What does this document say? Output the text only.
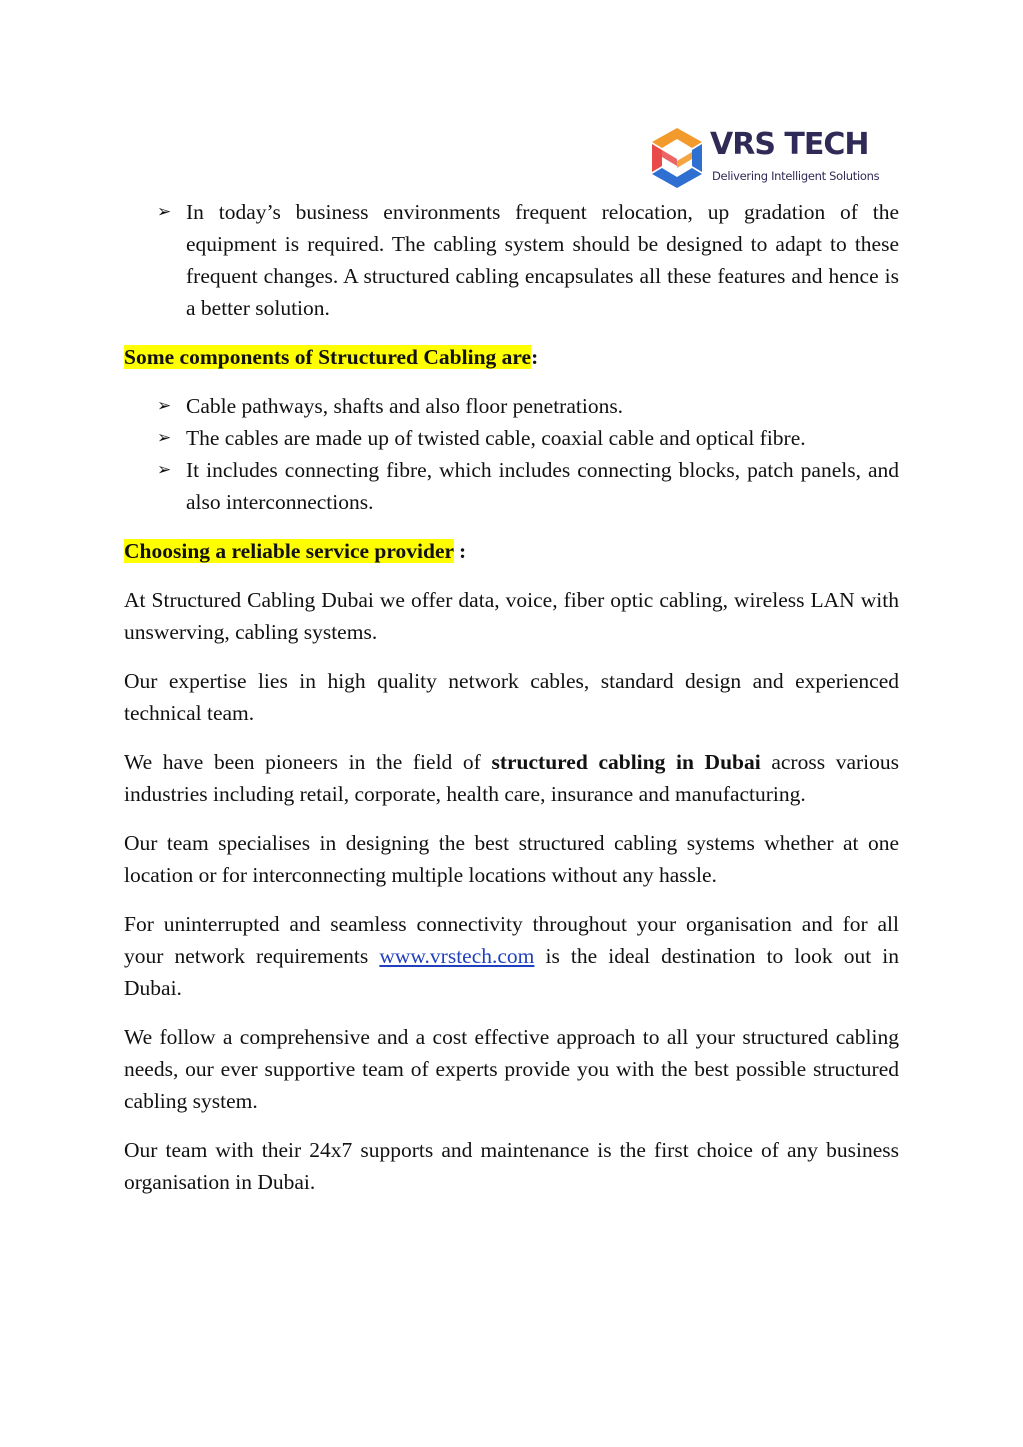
VRS TECH
Delivering Intelligent Solutions
➢ In today’s business environments frequent relocation, up gradation of the equipment is required. The cabling system should be designed to adapt to these frequent changes. A structured cabling encapsulates all these features and hence is a better solution.

Some components of Structured Cabling are:

➢ Cable pathways, shafts and also floor penetrations.
➢ The cables are made up of twisted cable, coaxial cable and optical fibre.
➢ It includes connecting fibre, which includes connecting blocks, patch panels, and also interconnections.

Choosing a reliable service provider :

At Structured Cabling Dubai we offer data, voice, fiber optic cabling, wireless LAN with unswerving, cabling systems.

Our expertise lies in high quality network cables, standard design and experienced technical team.

We have been pioneers in the field of structured cabling in Dubai across various industries including retail, corporate, health care, insurance and manufacturing.

Our team specialises in designing the best structured cabling systems whether at one location or for interconnecting multiple locations without any hassle.

For uninterrupted and seamless connectivity throughout your organisation and for all your network requirements www.vrstech.com is the ideal destination to look out in Dubai.

We follow a comprehensive and a cost effective approach to all your structured cabling needs, our ever supportive team of experts provide you with the best possible structured cabling system.

Our team with their 24x7 supports and maintenance is the first choice of any business organisation in Dubai.
